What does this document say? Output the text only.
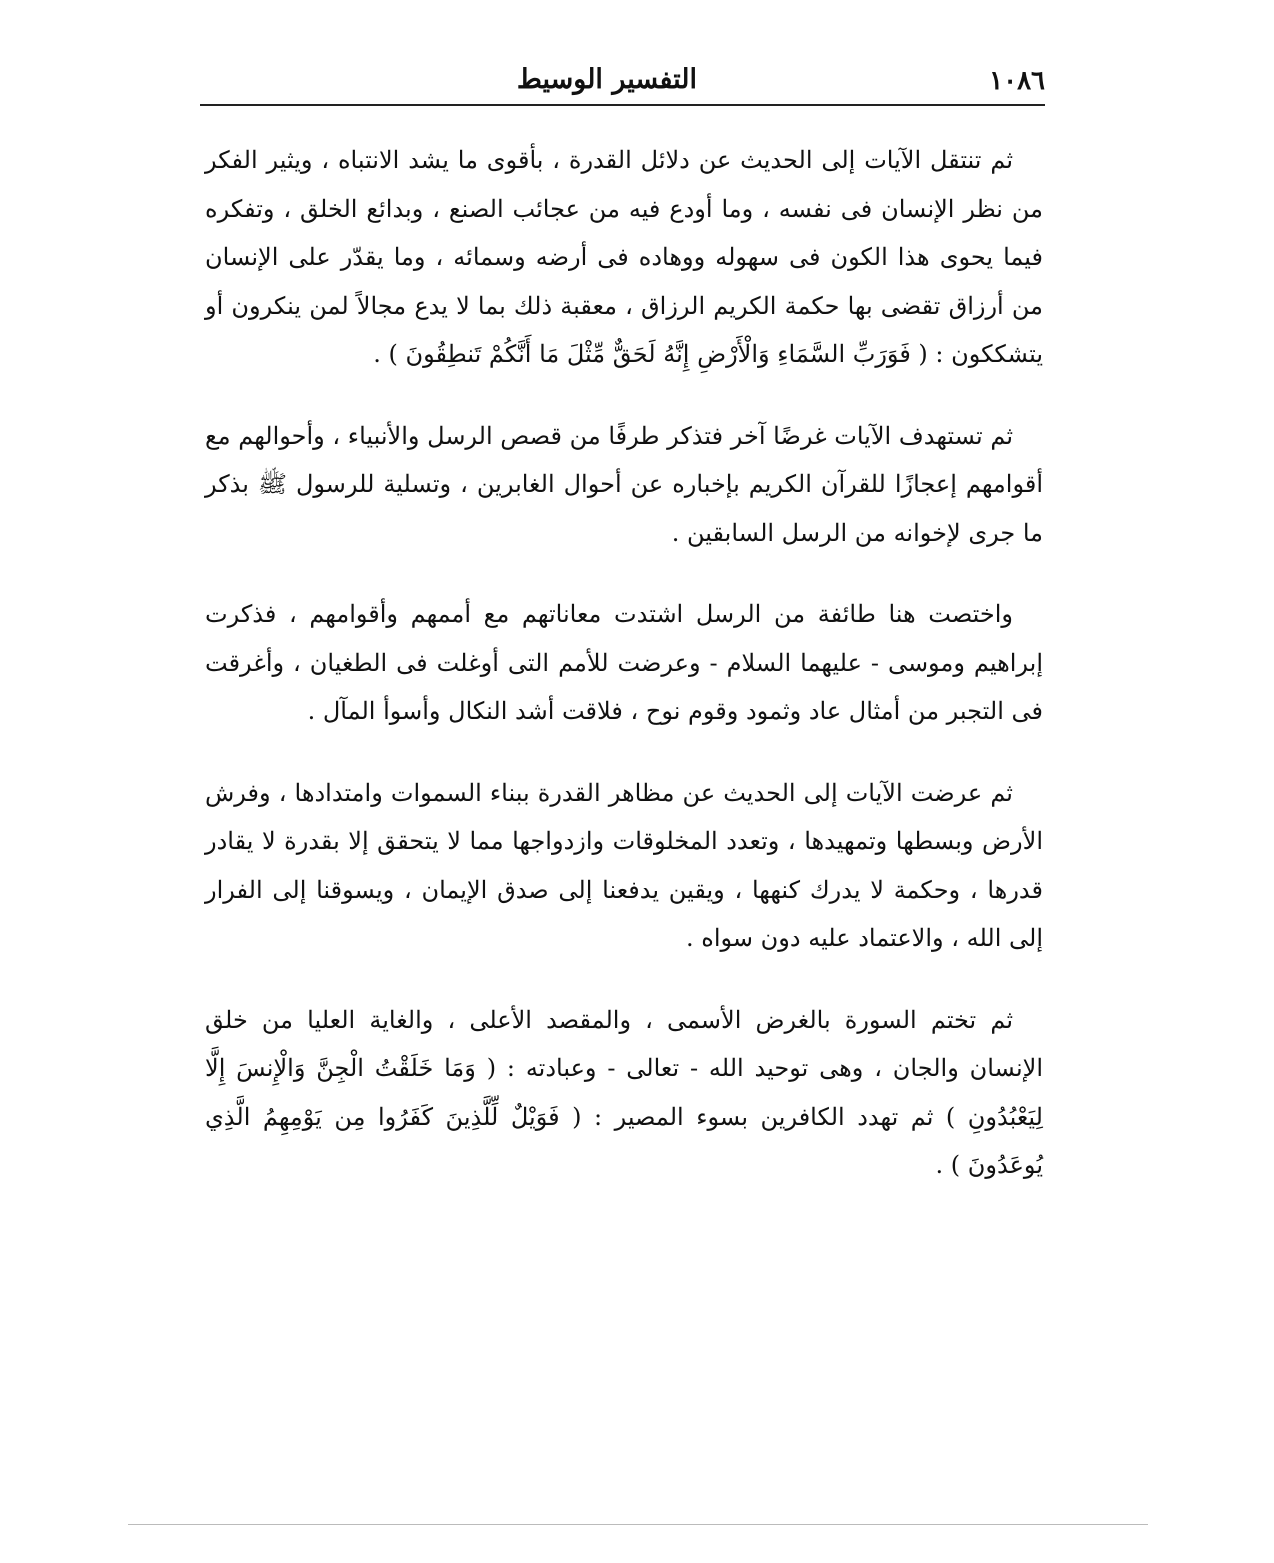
١٠٨٦
التفسير الوسيط

ثم تنتقل الآيات إلى الحديث عن دلائل القدرة ، بأقوى ما يشد الانتباه ، ويثير الفكر من نظر الإنسان فى نفسه ، وما أودع فيه من عجائب الصنع ، وبدائع الخلق ، وتفكره فيما يحوى هذا الكون فى سهوله ووهاده فى أرضه وسمائه ، وما يقدّر على الإنسان من أرزاق تقضى بها حكمة الكريم الرزاق ، معقبة ذلك بما لا يدع مجالاً لمن ينكرون أو يتشككون : ( فَوَرَبِّ السَّمَاءِ وَالْأَرْضِ إِنَّهُ لَحَقٌّ مِّثْلَ مَا أَنَّكُمْ تَنطِقُونَ ) .

ثم تستهدف الآيات غرضًا آخر فتذكر طرفًا من قصص الرسل والأنبياء ، وأحوالهم مع أقوامهم إعجازًا للقرآن الكريم بإخباره عن أحوال الغابرين ، وتسلية للرسول ﷺ بذكر ما جرى لإخوانه من الرسل السابقين .

واختصت هنا طائفة من الرسل اشتدت معاناتهم مع أممهم وأقوامهم ، فذكرت إبراهيم وموسى - عليهما السلام - وعرضت للأمم التى أوغلت فى الطغيان ، وأغرقت فى التجبر من أمثال عاد وثمود وقوم نوح ، فلاقت أشد النكال وأسوأ المآل .

ثم عرضت الآيات إلى الحديث عن مظاهر القدرة ببناء السموات وامتدادها ، وفرش الأرض وبسطها وتمهيدها ، وتعدد المخلوقات وازدواجها مما لا يتحقق إلا بقدرة لا يقادر قدرها ، وحكمة لا يدرك كنهها ، ويقين يدفعنا إلى صدق الإيمان ، ويسوقنا إلى الفرار إلى الله ، والاعتماد عليه دون سواه .

ثم تختم السورة بالغرض الأسمى ، والمقصد الأعلى ، والغاية العليا من خلق الإنسان والجان ، وهى توحيد الله - تعالى - وعبادته : ( وَمَا خَلَقْتُ الْجِنَّ وَالْإِنسَ إِلَّا لِيَعْبُدُونِ ) ثم تهدد الكافرين بسوء المصير : ( فَوَيْلٌ لِّلَّذِينَ كَفَرُوا مِن يَوْمِهِمُ الَّذِي يُوعَدُونَ ) .
